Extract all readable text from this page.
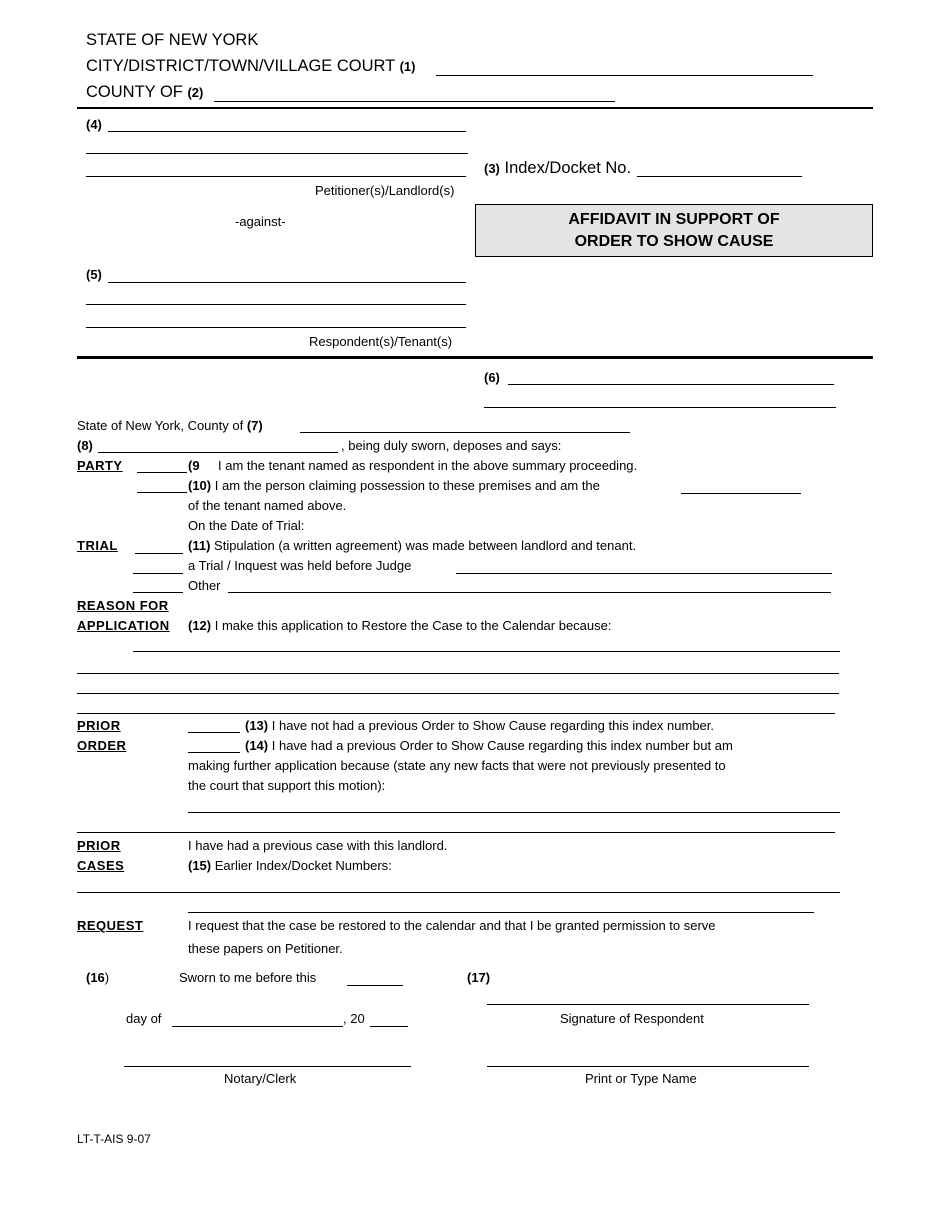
STATE OF NEW YORK
CITY/DISTRICT/TOWN/VILLAGE COURT (1)
COUNTY OF (2)
(4)
Petitioner(s)/Landlord(s)
-against-
(5)
Respondent(s)/Tenant(s)
(3) Index/Docket No.
AFFIDAVIT IN SUPPORT OF
ORDER TO SHOW CAUSE
(6)
State of New York, County of (7)
(8)	, being duly sworn, deposes and says:
PARTY	(9 I am the tenant named as respondent in the above summary proceeding.
(10) I am the person claiming possession to these premises and am the
of the tenant named above.
On the Date of Trial:
TRIAL	(11) Stipulation (a written agreement) was made between landlord and tenant.
a Trial / Inquest was held before Judge
Other
REASON FOR
APPLICATION (12) I make this application to Restore the Case to the Calendar because:
PRIOR
ORDER
(13) I have not had a previous Order to Show Cause regarding this index number.
(14) I have had a previous Order to Show Cause regarding this index number but am
making further application because (state any new facts that were not previously presented to
the court that support this motion):
PRIOR
CASES
I have had a previous case with this landlord.
(15) Earlier Index/Docket Numbers:
REQUEST	I request that the case be restored to the calendar and that I be granted permission to serve
these papers on Petitioner.
(16)	Sworn to me before this	(17)
Signature of Respondent
day of	, 20
Notary/Clerk	Print or Type Name
LT-T-AIS 9-07
